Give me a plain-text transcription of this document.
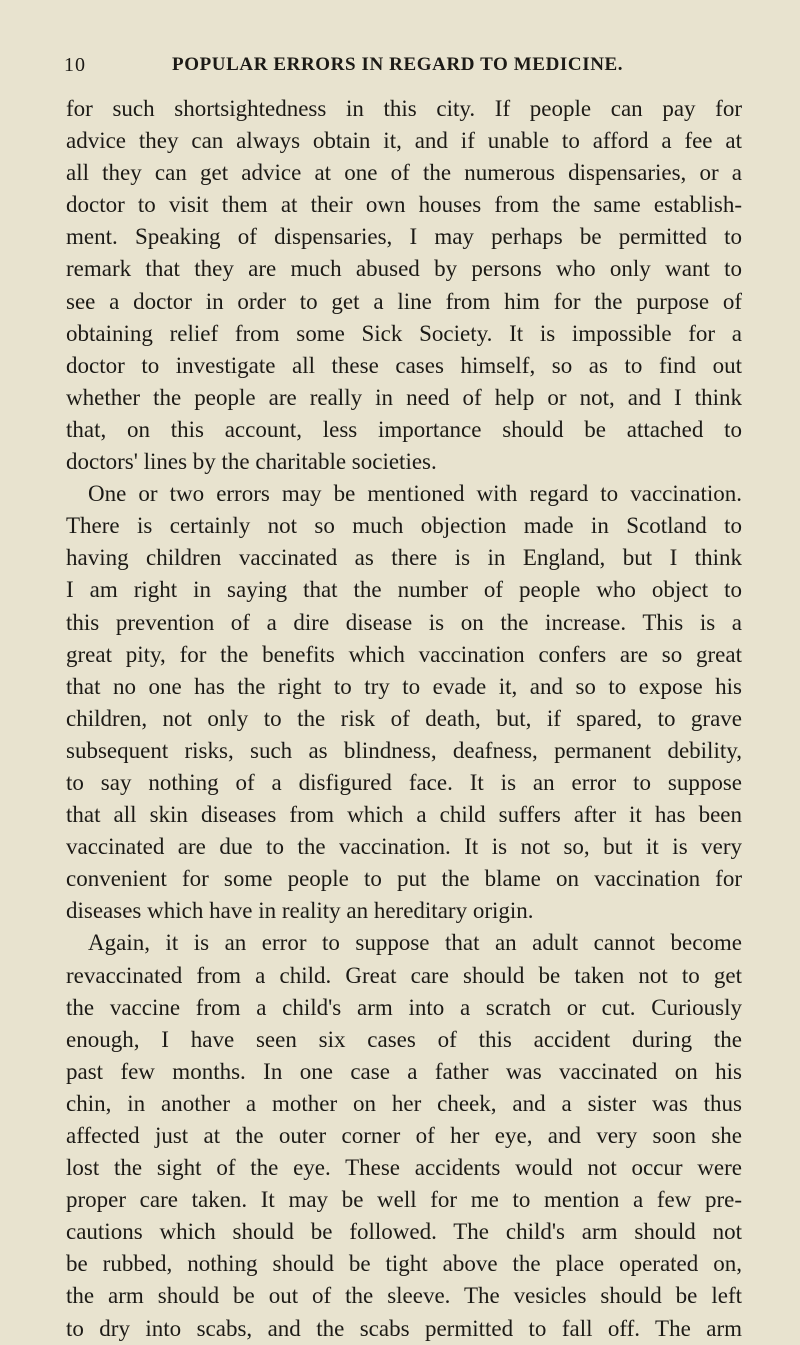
10	POPULAR ERRORS IN REGARD TO MEDICINE.
for such shortsightedness in this city. If people can pay for
advice they can always obtain it, and if unable to afford a fee at
all they can get advice at one of the numerous dispensaries, or a
doctor to visit them at their own houses from the same establish-
ment. Speaking of dispensaries, I may perhaps be permitted to
remark that they are much abused by persons who only want to
see a doctor in order to get a line from him for the purpose of
obtaining relief from some Sick Society. It is impossible for a
doctor to investigate all these cases himself, so as to find out
whether the people are really in need of help or not, and I think
that, on this account, less importance should be attached to
doctors' lines by the charitable societies.
One or two errors may be mentioned with regard to vaccination.
There is certainly not so much objection made in Scotland to
having children vaccinated as there is in England, but I think
I am right in saying that the number of people who object to
this prevention of a dire disease is on the increase. This is a
great pity, for the benefits which vaccination confers are so great
that no one has the right to try to evade it, and so to expose his
children, not only to the risk of death, but, if spared, to grave
subsequent risks, such as blindness, deafness, permanent debility,
to say nothing of a disfigured face. It is an error to suppose
that all skin diseases from which a child suffers after it has been
vaccinated are due to the vaccination. It is not so, but it is very
convenient for some people to put the blame on vaccination for
diseases which have in reality an hereditary origin.
Again, it is an error to suppose that an adult cannot become
revaccinated from a child. Great care should be taken not to get
the vaccine from a child's arm into a scratch or cut. Curiously
enough, I have seen six cases of this accident during the
past few months. In one case a father was vaccinated on his
chin, in another a mother on her cheek, and a sister was thus
affected just at the outer corner of her eye, and very soon she
lost the sight of the eye. These accidents would not occur were
proper care taken. It may be well for me to mention a few pre-
cautions which should be followed. The child's arm should not
be rubbed, nothing should be tight above the place operated on,
the arm should be out of the sleeve. The vesicles should be left
to dry into scabs, and the scabs permitted to fall off. The arm
